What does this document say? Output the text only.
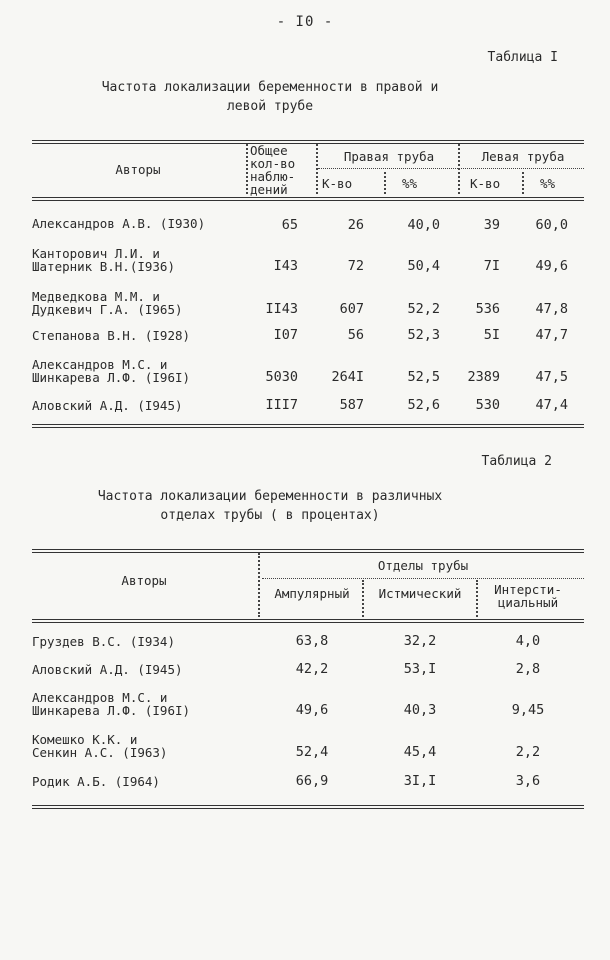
- I0 -
Таблица I
Частота локализации беременности в правой и
левой трубе
Авторы
Общее
кол-во
наблю-
дений
Правая труба	Левая труба
К-во	%%	К-во	%%
Александров А.В. (I930)	65	26	40,0	39	60,0
Канторович Л.И. и
Шатерник В.Н.(I936)	I43	72	50,4	7I	49,6
Медведкова М.М. и
Дудкевич Г.А. (I965)	II43	607	52,2	536	47,8
Степанова В.Н. (I928)	I07	56	52,3	5I	47,7
Александров М.С. и
Шинкарева Л.Ф. (I96I)	5030	264I	52,5	2389	47,5
Аловский А.Д. (I945)	III7	587	52,6	530	47,4
Таблица 2
Частота локализации беременности в различных
отделах трубы ( в процентах)
Авторы
Отделы трубы
Ампулярный	Истмический	Интерсти-
циальный
Груздев В.С. (I934)	63,8	32,2	4,0
Аловский А.Д. (I945)	42,2	53,I	2,8
Александров М.С. и
Шинкарева Л.Ф. (I96I)	49,6	40,3	9,45
Комешко К.К. и
Сенкин А.С. (I963)	52,4	45,4	2,2
Родик А.Б. (I964)	66,9	3I,I	3,6
